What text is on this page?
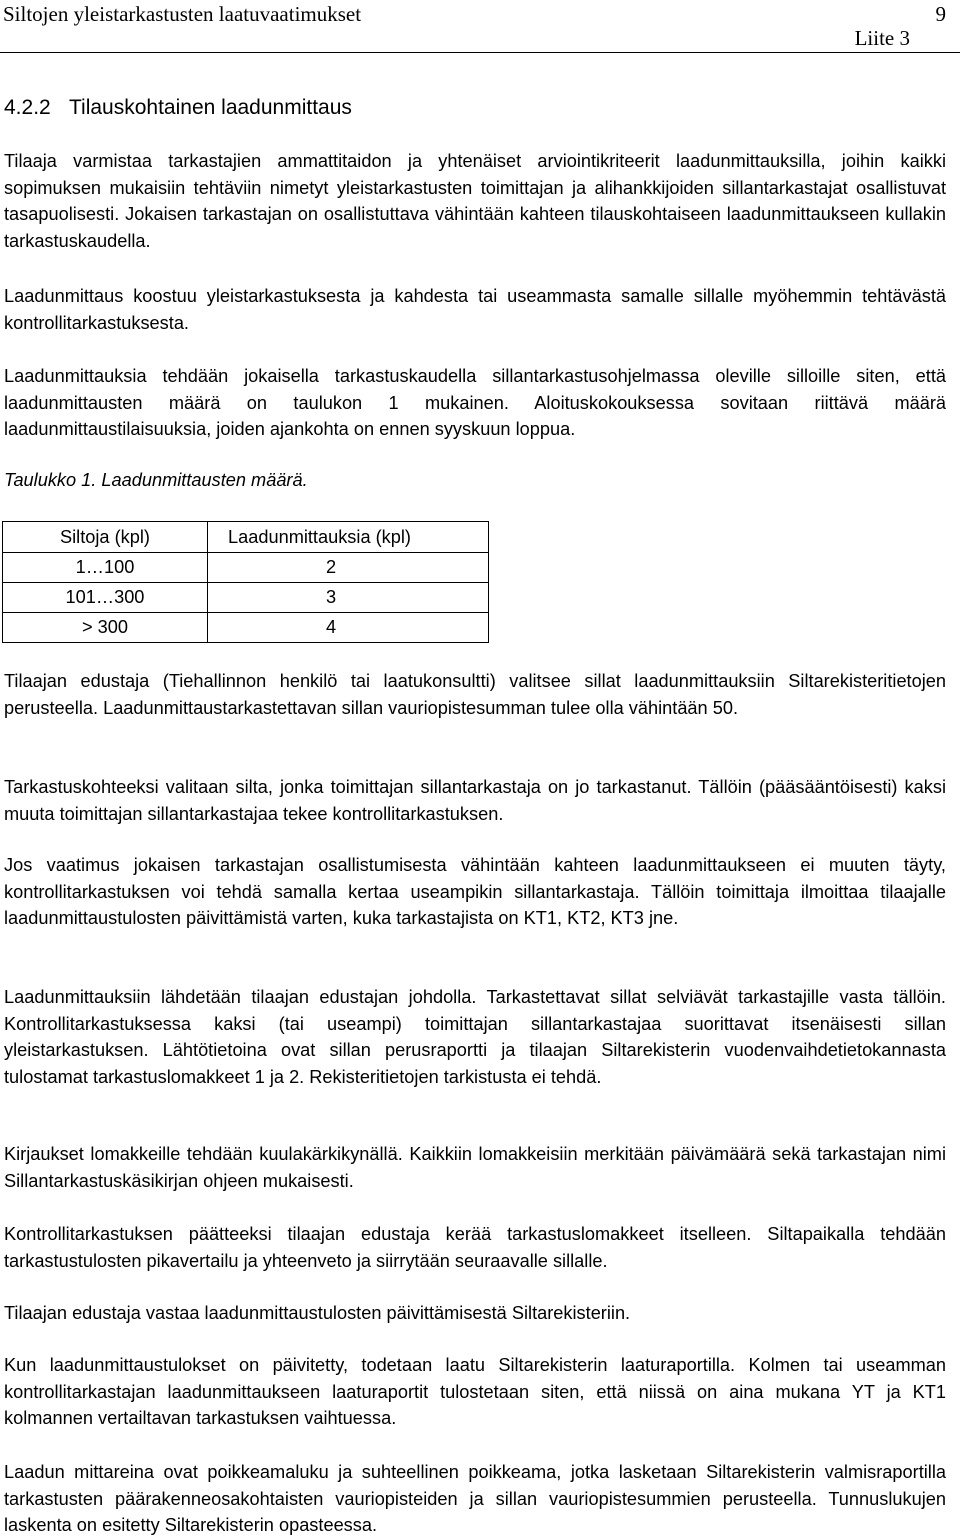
Siltojen yleistarkastusten laatuvaatimukset	9
Liite 3
4.2.2 Tilauskohtainen laadunmittaus

Tilaaja varmistaa tarkastajien ammattitaidon ja yhtenäiset arviointikriteerit laadunmittauksilla, joihin kaikki sopimuksen mukaisiin tehtäviin nimetyt yleistarkastusten toimittajan ja alihankkijoiden sillantarkastajat osallistuvat tasapuolisesti. Jokaisen tarkastajan on osallistuttava vähintään kahteen tilauskohtaiseen laadunmittaukseen kullakin tarkastuskaudella.

Laadunmittaus koostuu yleistarkastuksesta ja kahdesta tai useammasta samalle sillalle myöhemmin tehtävästä kontrollitarkastuksesta.

Laadunmittauksia tehdään jokaisella tarkastuskaudella sillantarkastusohjelmassa oleville silloille siten, että laadunmittausten määrä on taulukon 1 mukainen. Aloituskokouksessa sovitaan riittävä määrä laadunmittaustilaisuuksia, joiden ajankohta on ennen syyskuun loppua.

Taulukko 1. Laadunmittausten määrä.
Siltoja (kpl)	Laadunmittauksia (kpl)
1…100	2
101…300	3
> 300	4

Tilaajan edustaja (Tiehallinnon henkilö tai laatukonsultti) valitsee sillat laadunmittauksiin Siltarekisteritietojen perusteella. Laadunmittaustarkastettavan sillan vauriopistesumman tulee olla vähintään 50.

Tarkastuskohteeksi valitaan silta, jonka toimittajan sillantarkastaja on jo tarkastanut. Tällöin (pääsääntöisesti) kaksi muuta toimittajan sillantarkastajaa tekee kontrollitarkastuksen.

Jos vaatimus jokaisen tarkastajan osallistumisesta vähintään kahteen laadunmittaukseen ei muuten täyty, kontrollitarkastuksen voi tehdä samalla kertaa useampikin sillantarkastaja. Tällöin toimittaja ilmoittaa tilaajalle laadunmittaustulosten päivittämistä varten, kuka tarkastajista on KT1, KT2, KT3 jne.

Laadunmittauksiin lähdetään tilaajan edustajan johdolla. Tarkastettavat sillat selviävät tarkastajille vasta tällöin. Kontrollitarkastuksessa kaksi (tai useampi) toimittajan sillantarkastajaa suorittavat itsenäisesti sillan yleistarkastuksen. Lähtötietoina ovat sillan perusraportti ja tilaajan Siltarekisterin vuodenvaihdetietokannasta tulostamat tarkastuslomakkeet 1 ja 2. Rekisteritietojen tarkistusta ei tehdä.

Kirjaukset lomakkeille tehdään kuulakärkikynällä. Kaikkiin lomakkeisiin merkitään päivämäärä sekä tarkastajan nimi Sillantarkastuskäsikirjan ohjeen mukaisesti.

Kontrollitarkastuksen päätteeksi tilaajan edustaja kerää tarkastuslomakkeet itselleen. Siltapaikalla tehdään tarkastustulosten pikavertailu ja yhteenveto ja siirrytään seuraavalle sillalle.

Tilaajan edustaja vastaa laadunmittaustulosten päivittämisestä Siltarekisteriin.

Kun laadunmittaustulokset on päivitetty, todetaan laatu Siltarekisterin laaturaportilla. Kolmen tai useamman kontrollitarkastajan laadunmittaukseen laaturaportit tulostetaan siten, että niissä on aina mukana YT ja KT1 kolmannen vertailtavan tarkastuksen vaihtuessa.

Laadun mittareina ovat poikkeamaluku ja suhteellinen poikkeama, jotka lasketaan Siltarekisterin valmisraportilla tarkastusten päärakenneosakohtaisten vauriopisteiden ja sillan vauriopistesummien perusteella. Tunnuslukujen laskenta on esitetty Siltarekisterin opasteessa.
